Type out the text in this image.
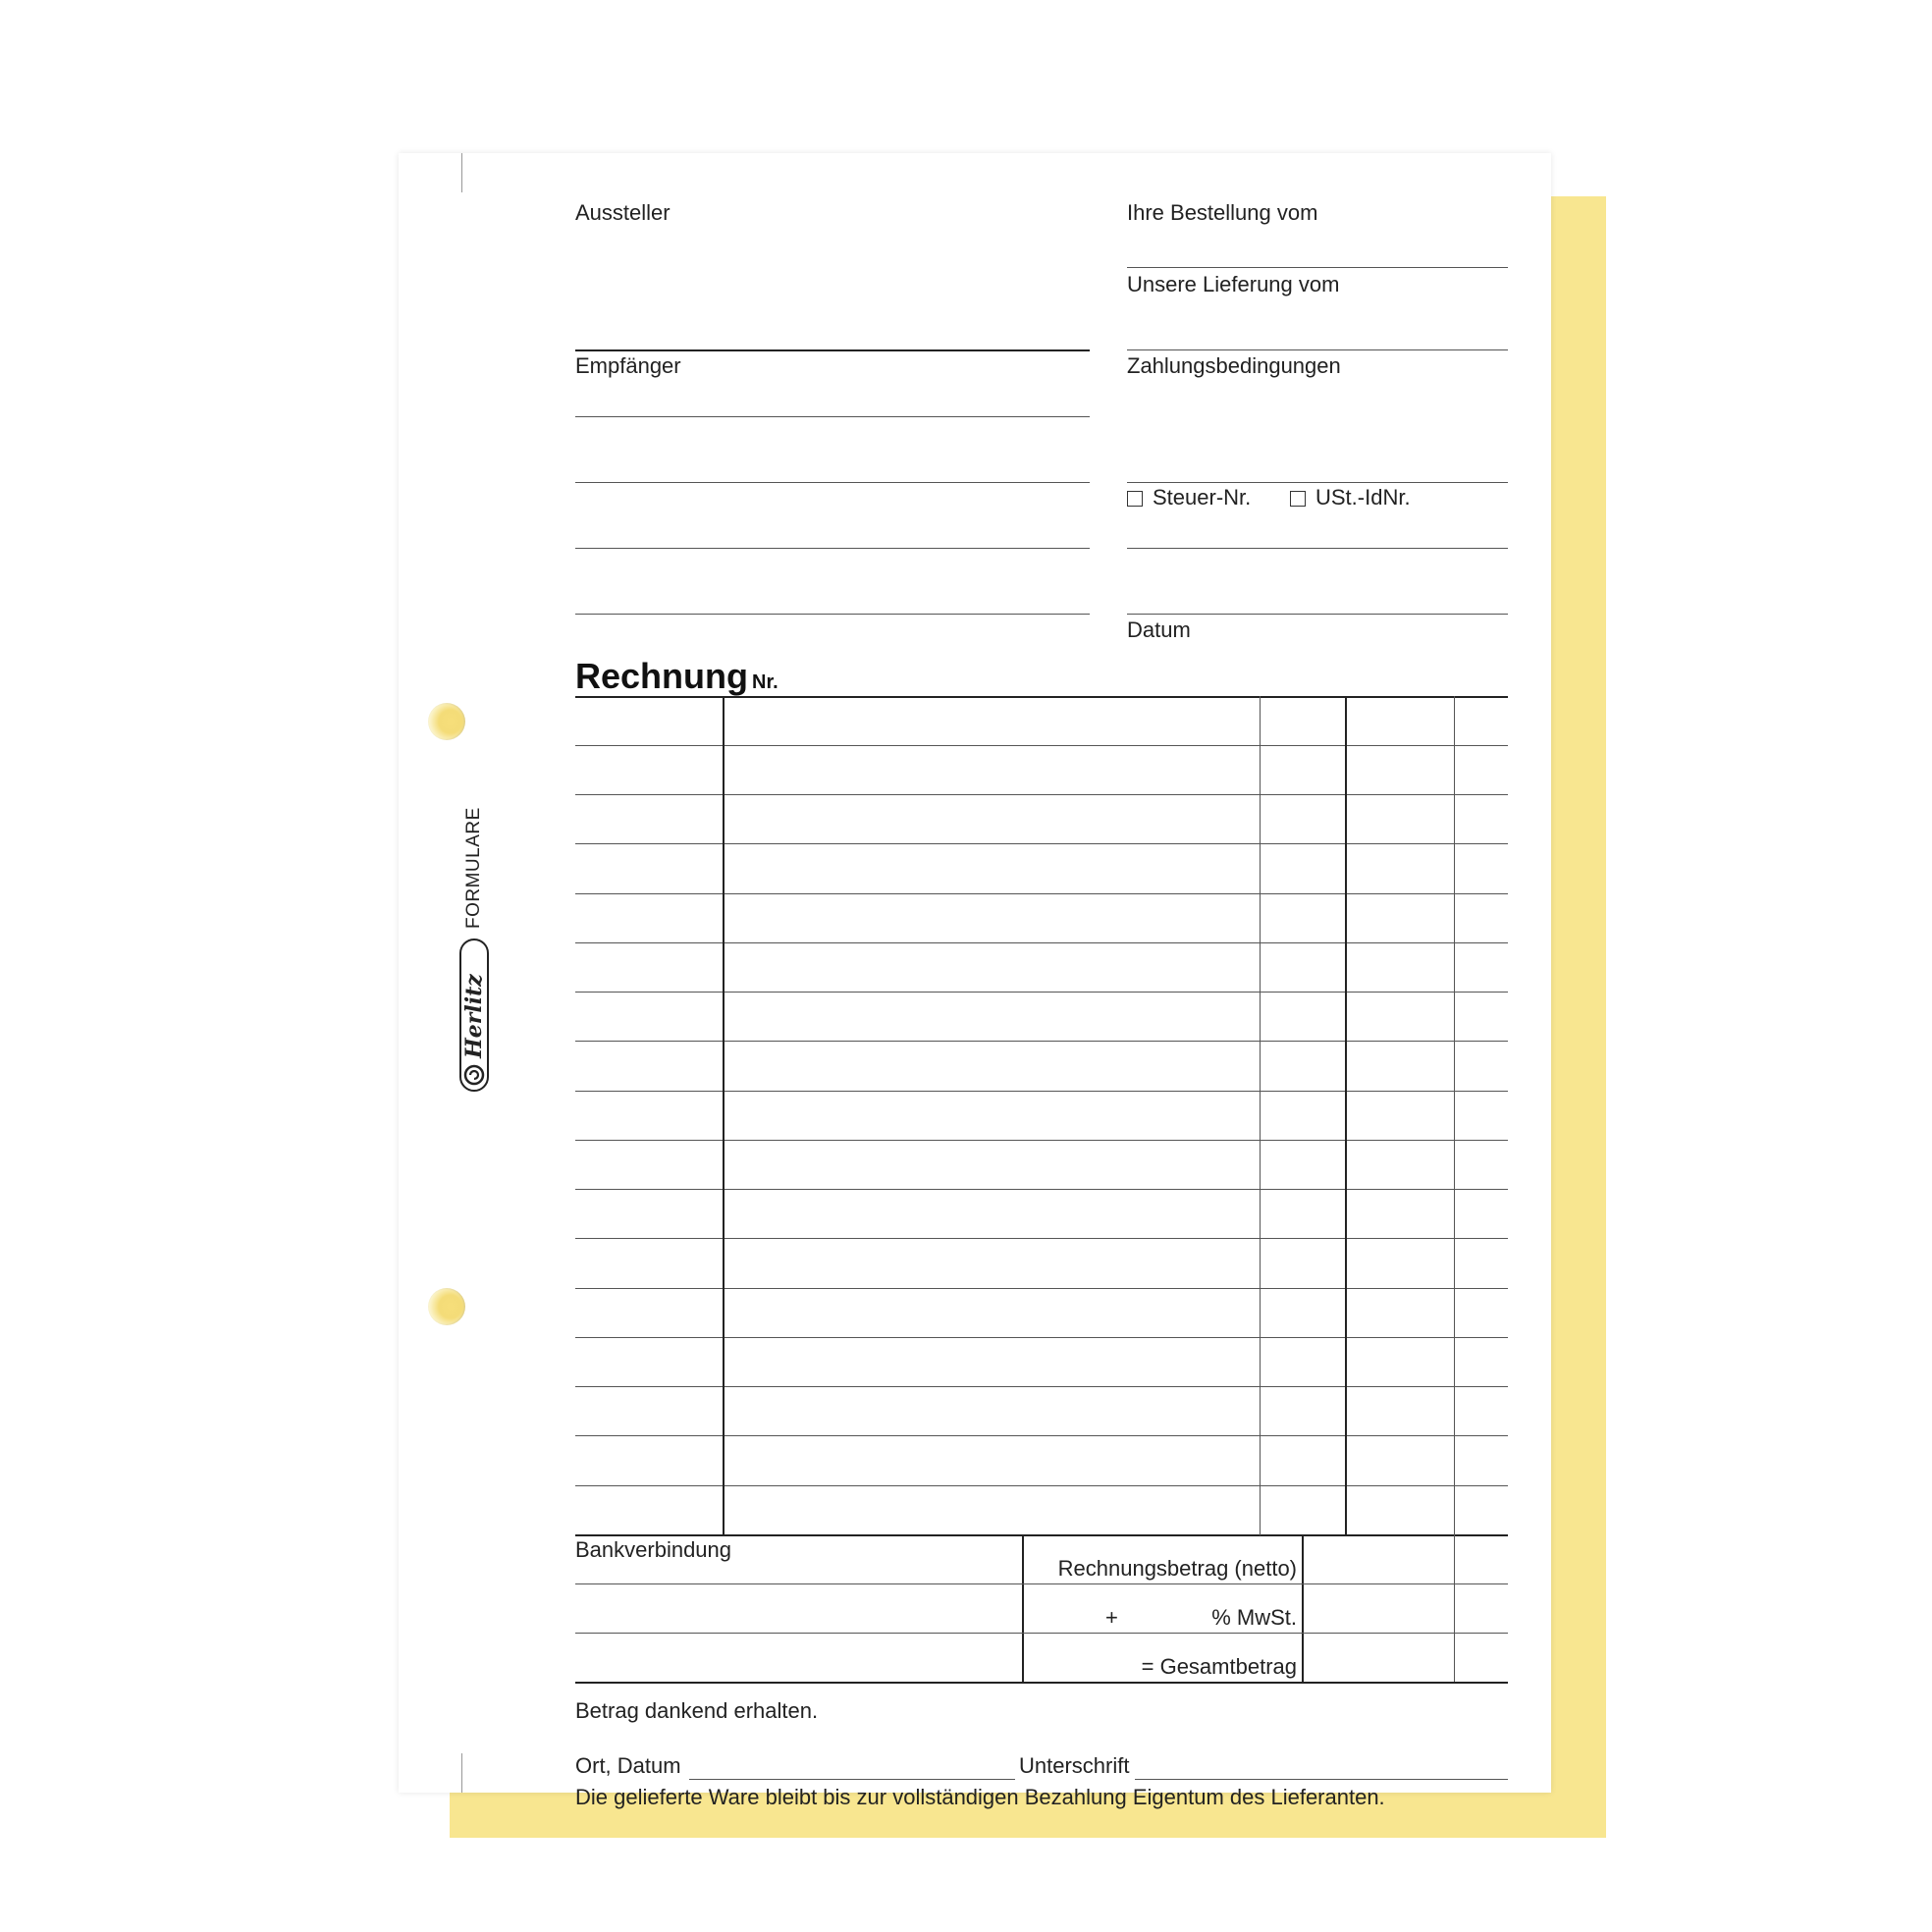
Herlitz
FORMULARE
Aussteller
Empfänger
Ihre Bestellung vom
Unsere Lieferung vom
Zahlungsbedingungen
Steuer-Nr.	USt.-IdNr.
Datum
Rechnung Nr.
Bankverbindung
Rechnungsbetrag (netto)
+	% MwSt.
= Gesamtbetrag
Betrag dankend erhalten.
Ort, Datum	Unterschrift
Die gelieferte Ware bleibt bis zur vollständigen Bezahlung Eigentum des Lieferanten.
